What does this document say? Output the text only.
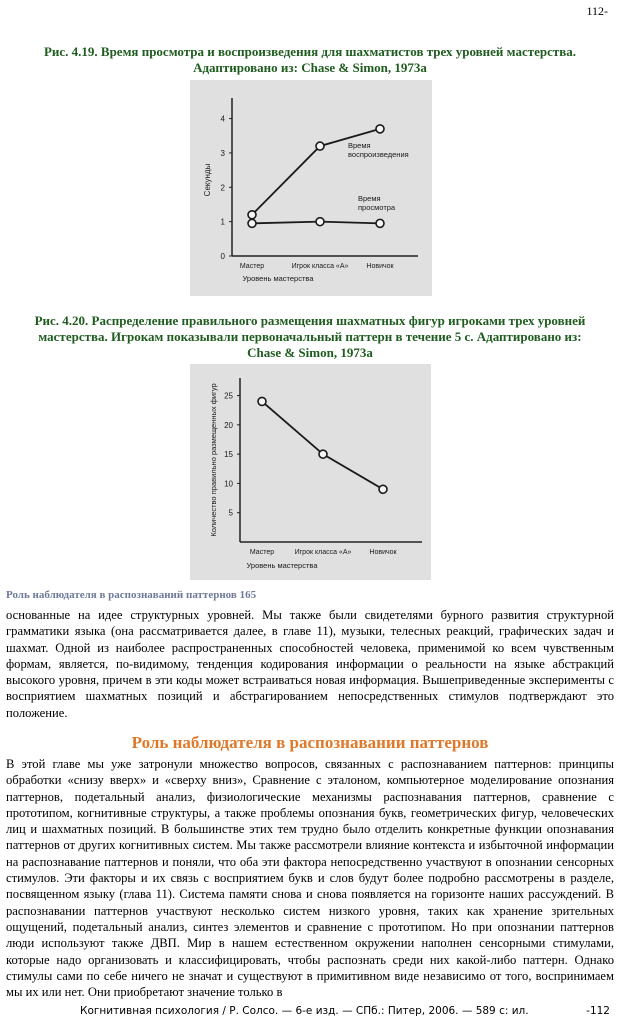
112-
Рис. 4.19. Время просмотра и воспроизведения для шахматистов трех уровней мастерства.
Адаптировано из: Chase & Simon, 1973а
0
1
2
3
4
Секунды
Мастер	Игрок класса «А»	Новичок
Уровень мастерства
Время
воспроизведения
Время
просмотра
Рис. 4.20. Распределение правильного размещения шахматных фигур игроками трех уровней
мастерства. Игрокам показывали первоначальный паттерн в течение 5 с. Адаптировано из:
Chase & Simon, 1973а
5
10
15
20
25
Количество правильно размещенных фигур
Мастер	Игрок класса «А»	Новичок
Уровень мастерства
Роль наблюдателя в распознаваний паттернов 165

основанные на идее структурных уровней. Мы также были свидетелями бурного развития структурной грамматики языка (она рассматривается далее, в главе 11), музыки, телесных реакций, графических задач и шахмат. Одной из наиболее распространенных способностей человека, применимой ко всем чувственным формам, является, по-видимому, тенденция кодирования информации о реальности на языке абстракций высокого уровня, причем в эти коды может встраиваться новая информация. Вышеприведенные эксперименты с восприятием шахматных позиций и абстрагированием непосредственных стимулов подтверждают это положение.

Роль наблюдателя в распознавании паттернов

В этой главе мы уже затронули множество вопросов, связанных с распознаванием паттернов: принципы обработки «снизу вверх» и «сверху вниз», Сравнение с эталоном, компьютерное моделирование опознания паттернов, подетальный анализ, физиологические механизмы распознавания паттернов, сравнение с прототипом, когнитивные структуры, а также проблемы опознания букв, геометрических фигур, человеческих лиц и шахматных позиций. В большинстве этих тем трудно было отделить конкретные функции опознавания паттернов от других когнитивных систем. Мы также рассмотрели влияние контекста и избыточной информации на распознавание паттернов и поняли, что оба эти фактора непосредственно участвуют в опознании сенсорных стимулов. Эти факторы и их связь с восприятием букв и слов будут более подробно рассмотрены в разделе, посвященном языку (глава 11). Система памяти снова и снова появляется на горизонте наших рассуждений. В распознавании паттернов участвуют несколько систем низкого уровня, таких как хранение зрительных ощущений, подетальный анализ, синтез элементов и сравнение с прототипом. Но при опознании паттернов люди используют также ДВП. Мир в нашем естественном окружении наполнен сенсорными стимулами, которые надо организовать и классифицировать, чтобы распознать среди них какой-либо паттерн. Однако стимулы сами по себе ничего не значат и существуют в примитивном виде независимо от того, воспринимаем мы их или нет. Они приобретают значение только в

Когнитивная психология / Р. Солсо. — 6-е изд. — СПб.: Питер, 2006. — 589 с: ил.	-112
